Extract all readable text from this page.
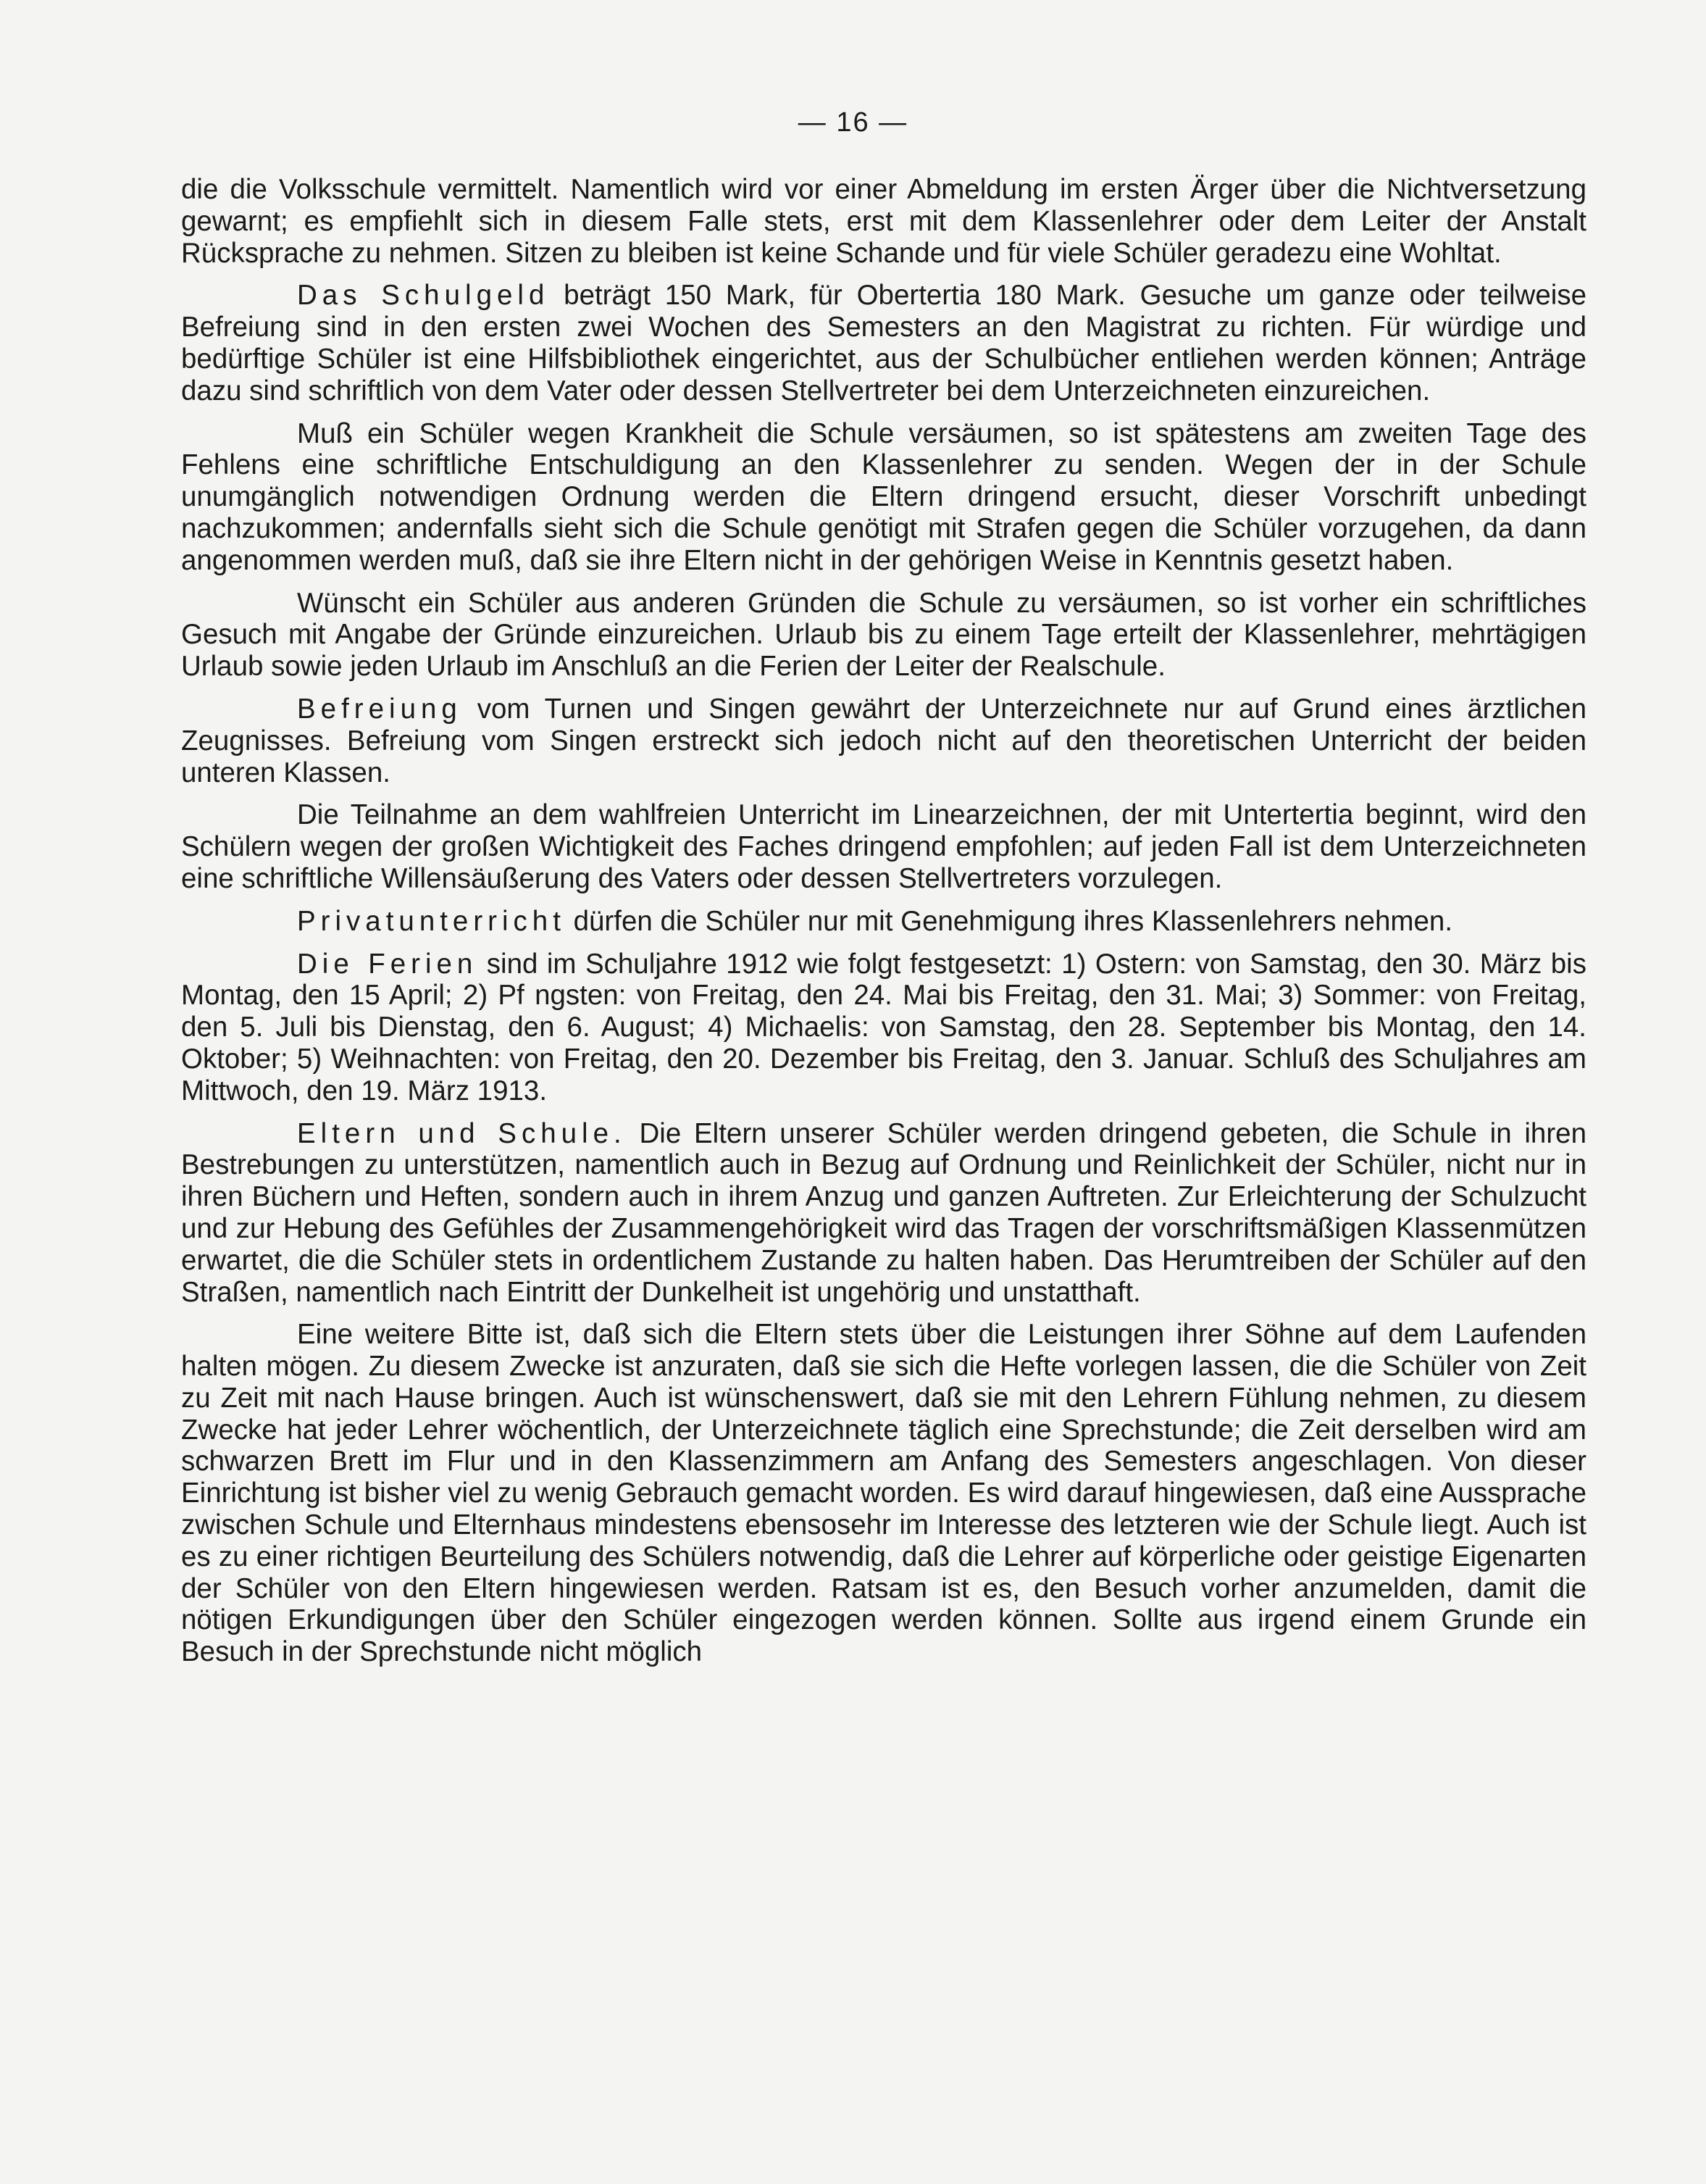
— 16 —

die die Volksschule vermittelt. Namentlich wird vor einer Abmeldung im ersten Ärger über die Nichtversetzung gewarnt; es empfiehlt sich in diesem Falle stets, erst mit dem Klassenlehrer oder dem Leiter der Anstalt Rücksprache zu nehmen. Sitzen zu bleiben ist keine Schande und für viele Schüler geradezu eine Wohltat.

Das Schulgeld beträgt 150 Mark, für Obertertia 180 Mark. Gesuche um ganze oder teilweise Befreiung sind in den ersten zwei Wochen des Semesters an den Magistrat zu richten. Für würdige und bedürftige Schüler ist eine Hilfsbibliothek eingerichtet, aus der Schulbücher entliehen werden können; Anträge dazu sind schriftlich von dem Vater oder dessen Stellvertreter bei dem Unterzeichneten einzureichen.

Muß ein Schüler wegen Krankheit die Schule versäumen, so ist spätestens am zweiten Tage des Fehlens eine schriftliche Entschuldigung an den Klassenlehrer zu senden. Wegen der in der Schule unumgänglich notwendigen Ordnung werden die Eltern dringend ersucht, dieser Vorschrift unbedingt nachzukommen; andernfalls sieht sich die Schule genötigt mit Strafen gegen die Schüler vorzugehen, da dann angenommen werden muß, daß sie ihre Eltern nicht in der gehörigen Weise in Kenntnis gesetzt haben.

Wünscht ein Schüler aus anderen Gründen die Schule zu versäumen, so ist vorher ein schriftliches Gesuch mit Angabe der Gründe einzureichen. Urlaub bis zu einem Tage erteilt der Klassenlehrer, mehrtägigen Urlaub sowie jeden Urlaub im Anschluß an die Ferien der Leiter der Realschule.

Befreiung vom Turnen und Singen gewährt der Unterzeichnete nur auf Grund eines ärztlichen Zeugnisses. Befreiung vom Singen erstreckt sich jedoch nicht auf den theoretischen Unterricht der beiden unteren Klassen.

Die Teilnahme an dem wahlfreien Unterricht im Linearzeichnen, der mit Untertertia beginnt, wird den Schülern wegen der großen Wichtigkeit des Faches dringend empfohlen; auf jeden Fall ist dem Unterzeichneten eine schriftliche Willensäußerung des Vaters oder dessen Stellvertreters vorzulegen.

Privatunterricht dürfen die Schüler nur mit Genehmigung ihres Klassenlehrers nehmen.

Die Ferien sind im Schuljahre 1912 wie folgt festgesetzt: 1) Ostern: von Samstag, den 30. März bis Montag, den 15 April; 2) Pf ngsten: von Freitag, den 24. Mai bis Freitag, den 31. Mai; 3) Sommer: von Freitag, den 5. Juli bis Dienstag, den 6. August; 4) Michaelis: von Samstag, den 28. September bis Montag, den 14. Oktober; 5) Weihnachten: von Freitag, den 20. Dezember bis Freitag, den 3. Januar. Schluß des Schuljahres am Mittwoch, den 19. März 1913.

Eltern und Schule. Die Eltern unserer Schüler werden dringend gebeten, die Schule in ihren Bestrebungen zu unterstützen, namentlich auch in Bezug auf Ordnung und Reinlichkeit der Schüler, nicht nur in ihren Büchern und Heften, sondern auch in ihrem Anzug und ganzen Auftreten. Zur Erleichterung der Schulzucht und zur Hebung des Gefühles der Zusammengehörigkeit wird das Tragen der vorschriftsmäßigen Klassenmützen erwartet, die die Schüler stets in ordentlichem Zustande zu halten haben. Das Herumtreiben der Schüler auf den Straßen, namentlich nach Eintritt der Dunkelheit ist ungehörig und unstatthaft.

Eine weitere Bitte ist, daß sich die Eltern stets über die Leistungen ihrer Söhne auf dem Laufenden halten mögen. Zu diesem Zwecke ist anzuraten, daß sie sich die Hefte vorlegen lassen, die die Schüler von Zeit zu Zeit mit nach Hause bringen. Auch ist wünschenswert, daß sie mit den Lehrern Fühlung nehmen, zu diesem Zwecke hat jeder Lehrer wöchentlich, der Unterzeichnete täglich eine Sprechstunde; die Zeit derselben wird am schwarzen Brett im Flur und in den Klassenzimmern am Anfang des Semesters angeschlagen. Von dieser Einrichtung ist bisher viel zu wenig Gebrauch gemacht worden. Es wird darauf hingewiesen, daß eine Aussprache zwischen Schule und Elternhaus mindestens ebensosehr im Interesse des letzteren wie der Schule liegt. Auch ist es zu einer richtigen Beurteilung des Schülers notwendig, daß die Lehrer auf körperliche oder geistige Eigenarten der Schüler von den Eltern hingewiesen werden. Ratsam ist es, den Besuch vorher anzumelden, damit die nötigen Erkundigungen über den Schüler eingezogen werden können. Sollte aus irgend einem Grunde ein Besuch in der Sprechstunde nicht möglich
